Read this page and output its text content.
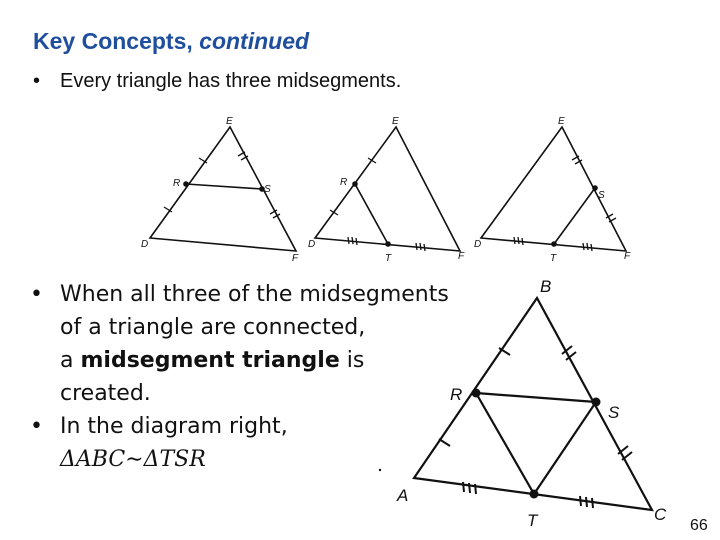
Key Concepts, continued
• Every triangle has three midsegments.
E
D
F
R
S
E
D
F
R
T
E
D
F
S
T
B
A
C
R
S
T
• When all three of the midsegments
of a triangle are connected,
a midsegment triangle is
created.
• In the diagram right,
ΔABC∼ΔTSR
66
